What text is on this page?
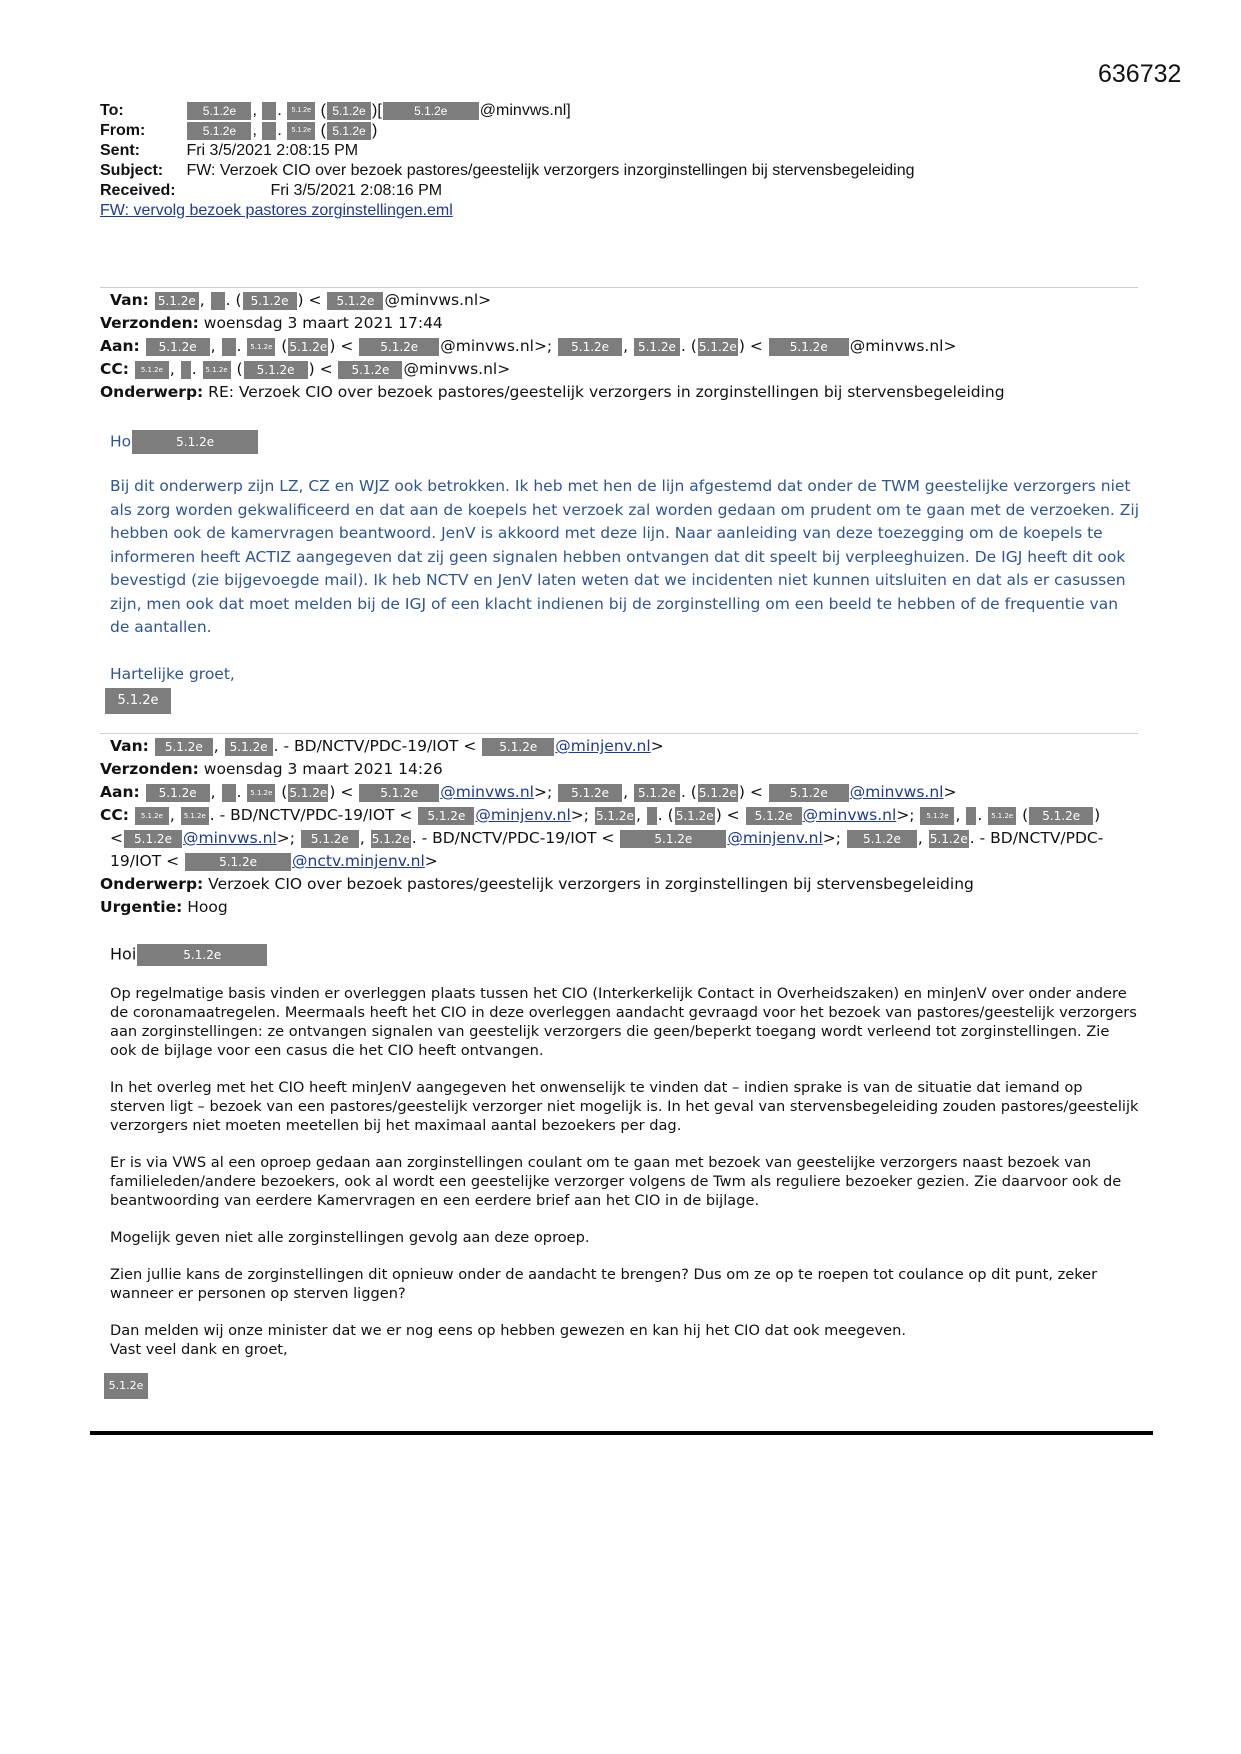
636732
To:	5.1.2e , . 5.1.2e ( 5.1.2e )[	5.1.2e @minvws.nl]
From:	5.1.2e , . 5.1.2e ( 5.1.2e )
Sent:	Fri 3/5/2021 2:08:15 PM
Subject: FW: Verzoek CIO over bezoek pastores/geestelijk verzorgers inzorginstellingen bij stervensbegeleiding
Received:	Fri 3/5/2021 2:08:16 PM
FW: vervolg bezoek pastores zorginstellingen.eml
Van: 5.1.2e , . ( 5.1.2e ) < 5.1.2e @minvws.nl>
Verzonden: woensdag 3 maart 2021 17:44
Aan: 5.1.2e , . 5.1.2e ( 5.1.2e ) < 5.1.2e @minvws.nl>; 5.1.2e , 5.1.2e . ( 5.1.2e ) < 5.1.2e @minvws.nl>
CC: 5.1.2e , . 5.1.2e ( 5.1.2e ) < 5.1.2e @minvws.nl>
Onderwerp: RE: Verzoek CIO over bezoek pastores/geestelijk verzorgers in zorginstellingen bij stervensbegeleiding
Ho	5.1.2e
Bij dit onderwerp zijn LZ, CZ en WJZ ook betrokken. Ik heb met hen de lijn afgestemd dat onder de TWM geestelijke verzorgers niet als zorg worden gekwalificeerd en dat aan de koepels het verzoek zal worden gedaan om prudent om te gaan met de verzoeken. Zij hebben ook de kamervragen beantwoord. JenV is akkoord met deze lijn. Naar aanleiding van deze toezegging om de koepels te informeren heeft ACTIZ aangegeven dat zij geen signalen hebben ontvangen dat dit speelt bij verpleeghuizen. De IGJ heeft dit ook bevestigd (zie bijgevoegde mail). Ik heb NCTV en JenV laten weten dat we incidenten niet kunnen uitsluiten en dat als er casussen zijn, men ook dat moet melden bij de IGJ of een klacht indienen bij de zorginstelling om een beeld te hebben of de frequentie van de aantallen.
Hartelijke groet,
5.1.2e
Van: 5.1.2e , 5.1.2e . - BD/NCTV/PDC-19/IOT < 5.1.2e @minjenv.nl>
Verzonden: woensdag 3 maart 2021 14:26
Aan: 5.1.2e , . 5.1.2e ( 5.1.2e ) < 5.1.2e @minvws.nl>; 5.1.2e , 5.1.2e . ( 5.1.2e ) < 5.1.2e @minvws.nl>
CC: 5.1.2e , 5.1.2e . - BD/NCTV/PDC-19/IOT < 5.1.2e @minjenv.nl>; 5.1.2e , . ( 5.1.2e ) < 5.1.2e @minvws.nl>; 5.1.2e , . 5.1.2e ( 5.1.2e )
< 5.1.2e @minvws.nl>; 5.1.2e , 5.1.2e . - BD/NCTV/PDC-19/IOT <	5.1.2e @minjenv.nl>; 5.1.2e , 5.1.2e . - BD/NCTV/PDC-
19/IOT <	5.1.2e @nctv.minjenv.nl>
Onderwerp: Verzoek CIO over bezoek pastores/geestelijk verzorgers in zorginstellingen bij stervensbegeleiding
Urgentie: Hoog
Hoi	5.1.2e

Op regelmatige basis vinden er overleggen plaats tussen het CIO (Interkerkelijk Contact in Overheidszaken) en minJenV over onder andere de coronamaatregelen. Meermaals heeft het CIO in deze overleggen aandacht gevraagd voor het bezoek van pastores/geestelijk verzorgers aan zorginstellingen: ze ontvangen signalen van geestelijk verzorgers die geen/beperkt toegang wordt verleend tot zorginstellingen. Zie ook de bijlage voor een casus die het CIO heeft ontvangen.

In het overleg met het CIO heeft minJenV aangegeven het onwenselijk te vinden dat – indien sprake is van de situatie dat iemand op sterven ligt – bezoek van een pastores/geestelijk verzorger niet mogelijk is. In het geval van stervensbegeleiding zouden pastores/geestelijk verzorgers niet moeten meetellen bij het maximaal aantal bezoekers per dag.

Er is via VWS al een oproep gedaan aan zorginstellingen coulant om te gaan met bezoek van geestelijke verzorgers naast bezoek van familieleden/andere bezoekers, ook al wordt een geestelijke verzorger volgens de Twm als reguliere bezoeker gezien. Zie daarvoor ook de beantwoording van eerdere Kamervragen en een eerdere brief aan het CIO in de bijlage.

Mogelijk geven niet alle zorginstellingen gevolg aan deze oproep.

Zien jullie kans de zorginstellingen dit opnieuw onder de aandacht te brengen? Dus om ze op te roepen tot coulance op dit punt, zeker wanneer er personen op sterven liggen?

Dan melden wij onze minister dat we er nog eens op hebben gewezen en kan hij het CIO dat ook meegeven.
Vast veel dank en groet,
5.1.2e
